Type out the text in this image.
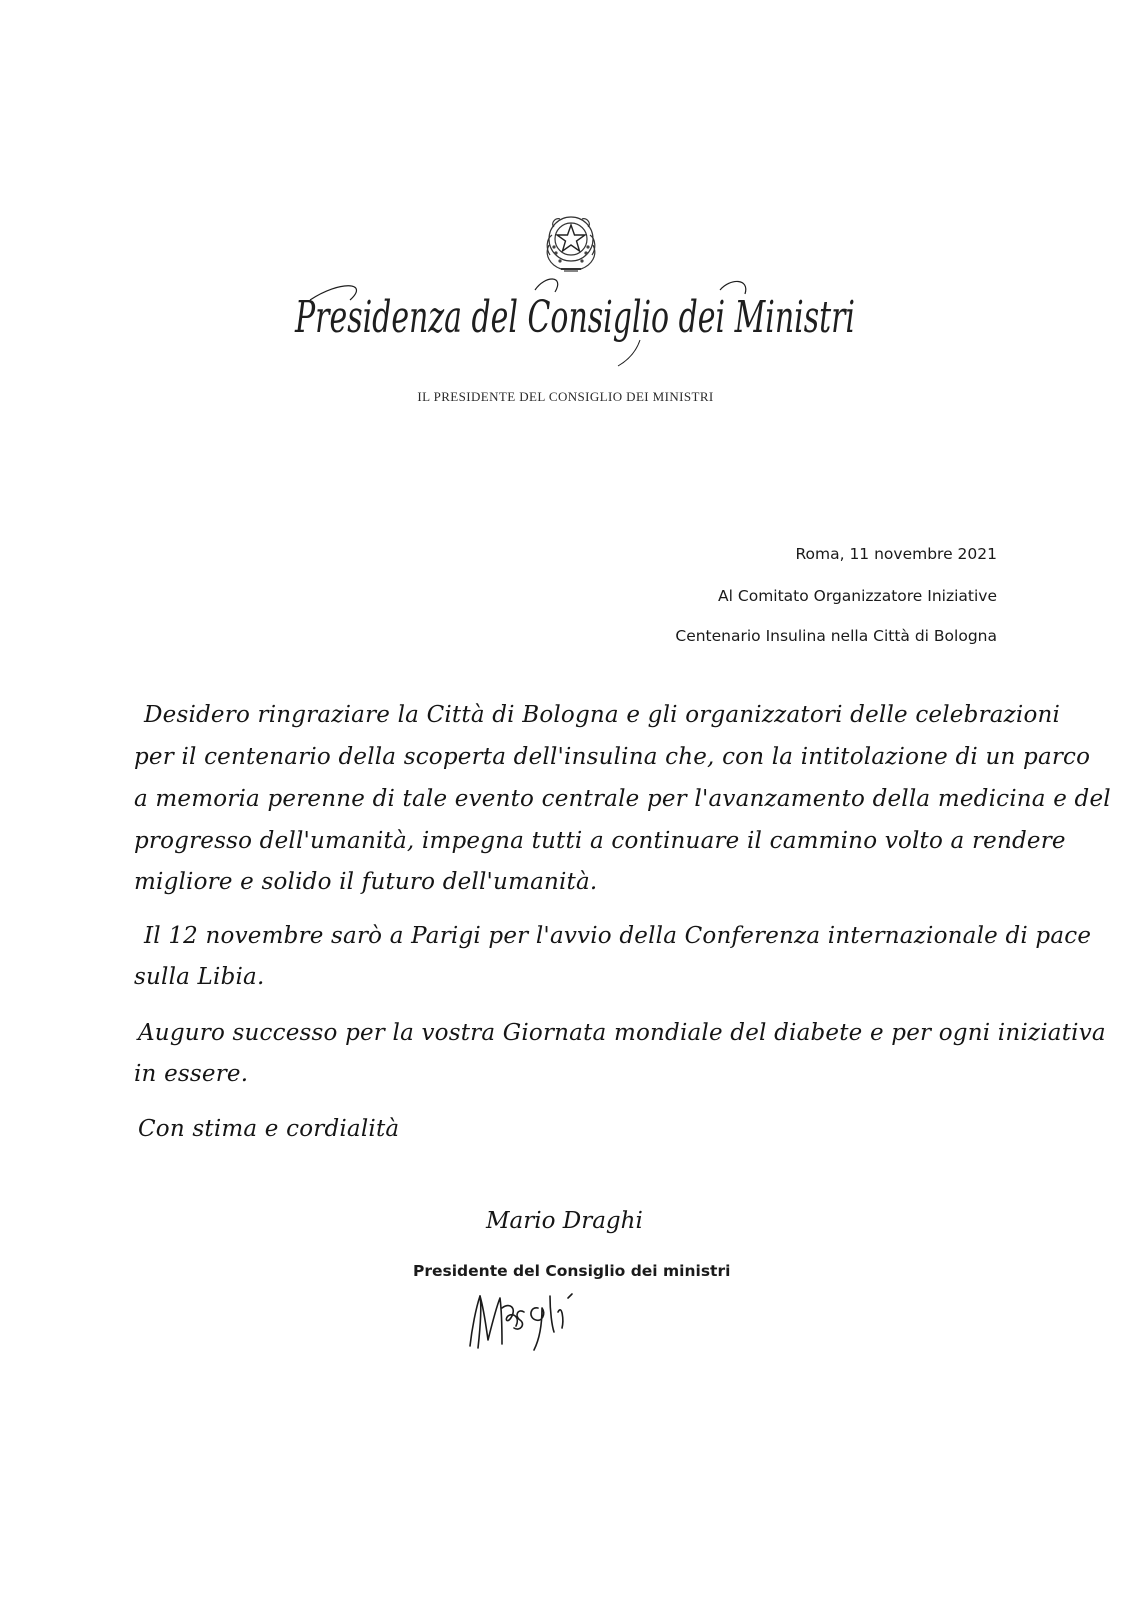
Presidenza del Consiglio dei Ministri
IL PRESIDENTE DEL CONSIGLIO DEI MINISTRI
Roma, 11 novembre 2021
Al Comitato Organizzatore Iniziative
Centenario Insulina nella Città di Bologna
Desidero ringraziare la Città di Bologna e gli organizzatori delle celebrazioni
per il centenario della scoperta dell'insulina che, con la intitolazione di un parco
a memoria perenne di tale evento centrale per l'avanzamento della medicina e del
progresso dell'umanità, impegna tutti a continuare il cammino volto a rendere
migliore e solido il futuro dell'umanità.
Il 12 novembre sarò a Parigi per l'avvio della Conferenza internazionale di pace
sulla Libia.
Auguro successo per la vostra Giornata mondiale del diabete e per ogni iniziativa
in essere.
Con stima e cordialità
Mario Draghi
Presidente del Consiglio dei ministri
